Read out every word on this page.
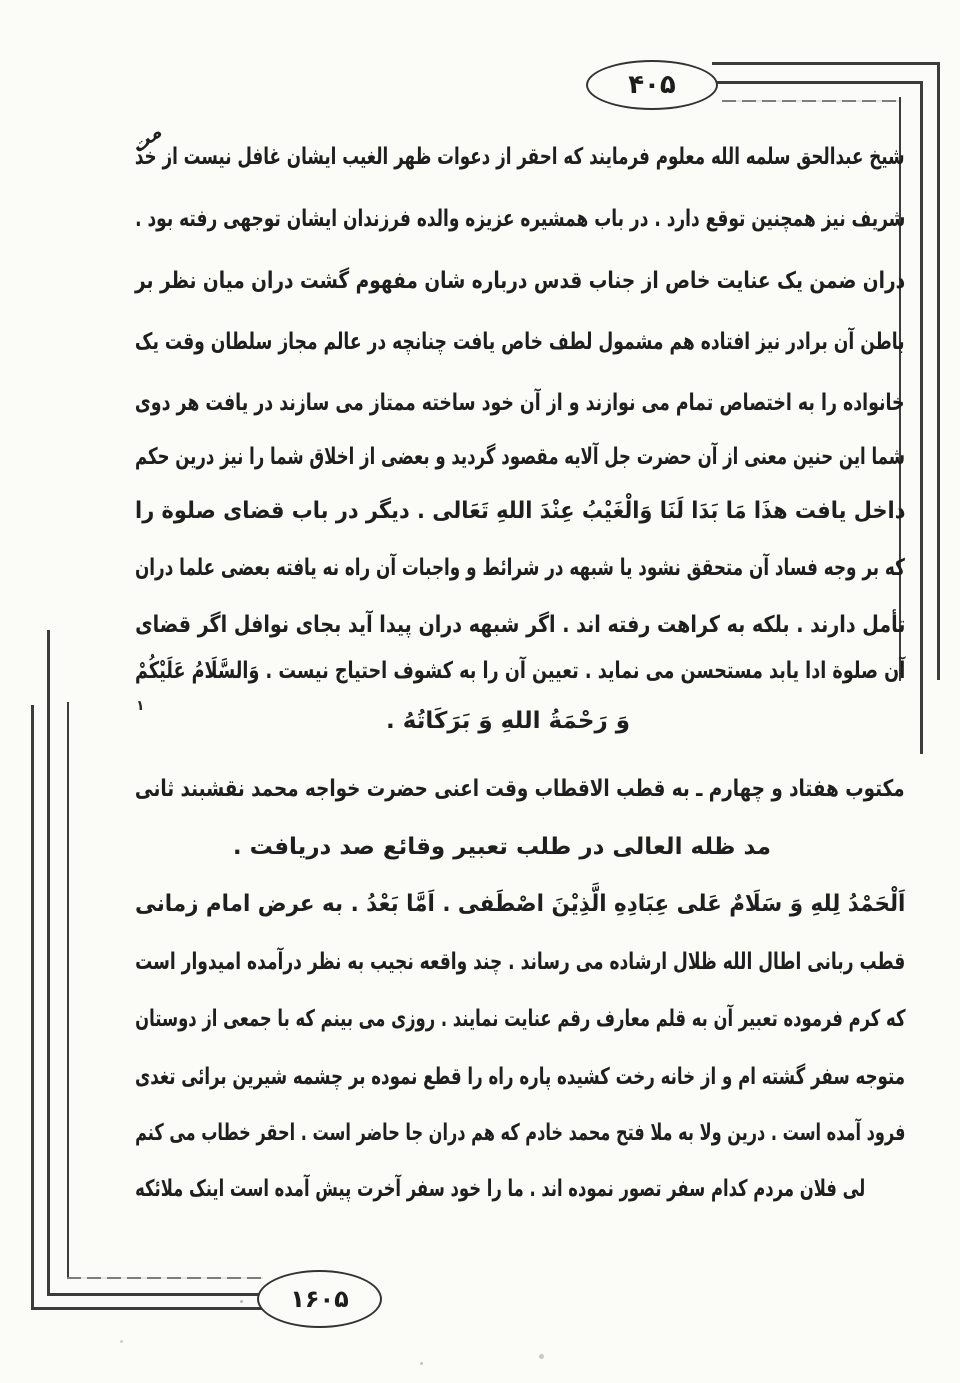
۴۰۵
۱۶۰۵
شیخ عبدالحق سلمه الله معلوم فرمایند که احقر از دعوات ظهر الغیب ایشان غافل نیست از خد
مت
شریف نیز همچنین توقع دارد . در باب همشیره عزیزه والده فرزندان ایشان توجهی رفته بود .
دران ضمن یک عنایت خاص از جناب قدس درباره شان مفهوم گشت دران میان نظر بر
باطن آن برادر نیز افتاده هم مشمول لطف خاص یافت چنانچه در عالم مجاز سلطان وقت یک
خانواده را به اختصاص تمام می نوازند و از آن خود ساخته ممتاز می سازند در یافت هر دوی
شما این حنین معنی از آن حضرت جل آلایه مقصود گردید و بعضی از اخلاق شما را نیز درین حکم
داخل یافت هذَا مَا بَدَا لَنَا وَالْغَیْبُ عِنْدَ اللهِ تَعَالی . دیگر در باب قضای صلوة را
که بر وجه فساد آن متحقق نشود یا شبهه در شرائط و واجبات آن راه نه یافته بعضی علما دران
تأمل دارند . بلکه به کراهت رفته اند . اگر شبهه دران پیدا آید بجای نوافل اگر قضای
آن صلوة ادا یابد مستحسن می نماید . تعیین آن را به کشوف احتیاج نیست . وَالسَّلَامُ عَلَیْکُمْ
وَ رَحْمَةُ اللهِ وَ بَرَکَاتُهُ .
مکتوب هفتاد و چهارم ـ به قطب الاقطاب وقت اعنی حضرت خواجه محمد نقشبند ثانی
مد ظله العالی در طلب تعبیر وقائع صد دریافت .
اَلْحَمْدُ لِلهِ وَ سَلَامٌ عَلی عِبَادِهِ الَّذِیْنَ اصْطَفی . اَمَّا بَعْدُ . به عرض امام زمانی
قطب ربانی اطال الله ظلال ارشاده می رساند . چند واقعه نجیب به نظر درآمده امیدوار است
که کرم فرموده تعبیر آن به قلم معارف رقم عنایت نمایند . روزی می بینم که با جمعی از دوستان
متوجه سفر گشته ام و از خانه رخت کشیده پاره راه را قطع نموده بر چشمه شیرین برائی تغدی
فرود آمده است . درین ولا به ملا فتح محمد خادم که هم دران جا حاضر است . احقر خطاب می کنم
لی فلان مردم کدام سفر تصور نموده اند . ما را خود سفر آخرت پیش آمده است اینک ملائکه
۱
